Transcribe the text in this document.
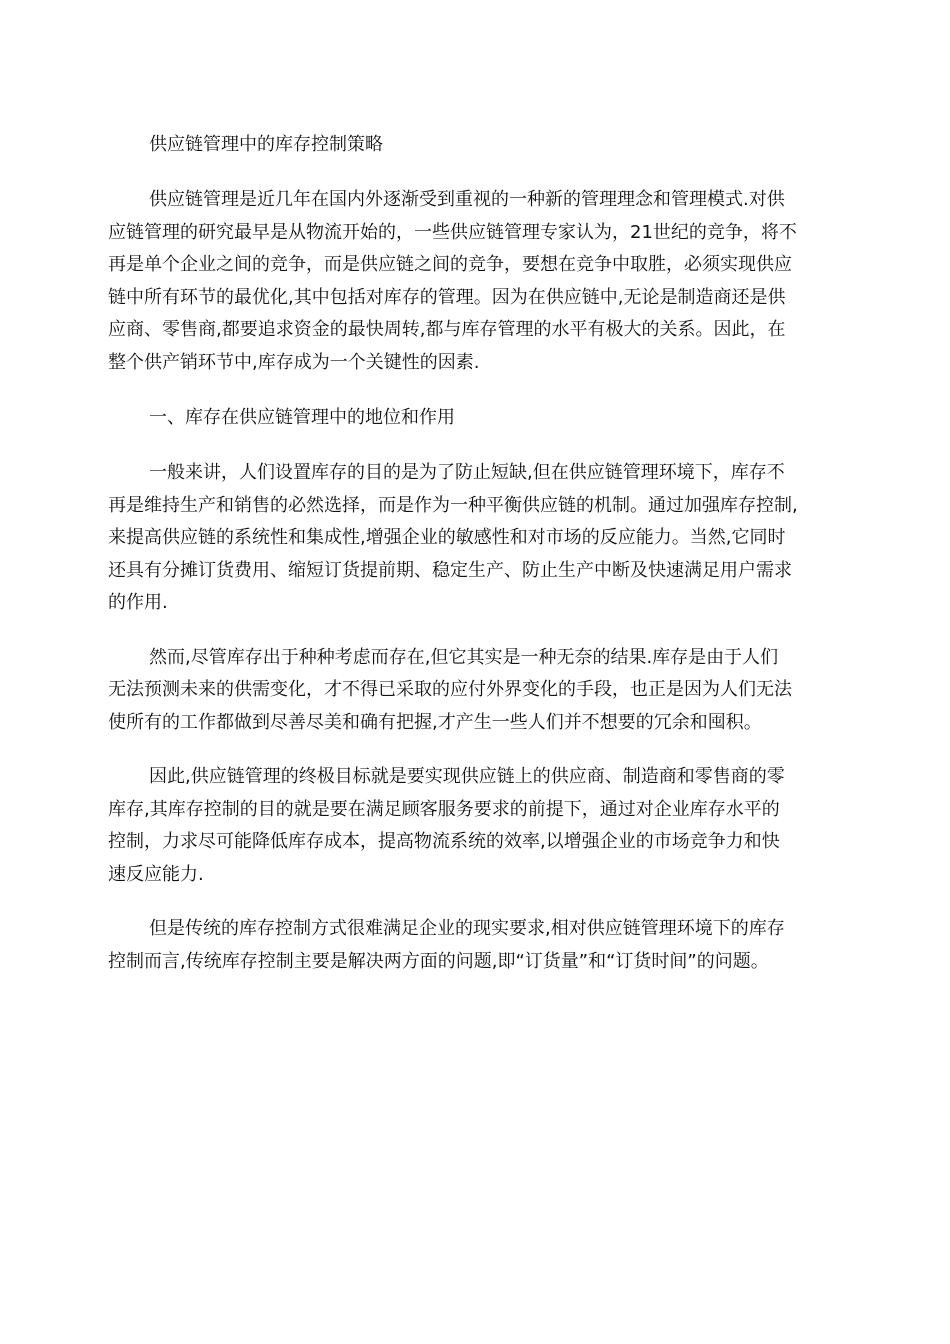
供应链管理中的库存控制策略
供应链管理是近几年在国内外逐渐受到重视的一种新的管理理念和管理模式.对供
应链管理的研究最早是从物流开始的，一些供应链管理专家认为，21世纪的竞争，将不
再是单个企业之间的竞争，而是供应链之间的竞争，要想在竞争中取胜，必须实现供应
链中所有环节的最优化,其中包括对库存的管理。因为在供应链中,无论是制造商还是供
应商、零售商,都要追求资金的最快周转,都与库存管理的水平有极大的关系。因此，在
整个供产销环节中,库存成为一个关键性的因素.
一、库存在供应链管理中的地位和作用
一般来讲，人们设置库存的目的是为了防止短缺,但在供应链管理环境下，库存不
再是维持生产和销售的必然选择，而是作为一种平衡供应链的机制。通过加强库存控制,
来提高供应链的系统性和集成性,增强企业的敏感性和对市场的反应能力。当然,它同时
还具有分摊订货费用、缩短订货提前期、稳定生产、防止生产中断及快速满足用户需求
的作用.
然而,尽管库存出于种种考虑而存在,但它其实是一种无奈的结果.库存是由于人们
无法预测未来的供需变化，才不得已采取的应付外界变化的手段，也正是因为人们无法
使所有的工作都做到尽善尽美和确有把握,才产生一些人们并不想要的冗余和囤积。
因此,供应链管理的终极目标就是要实现供应链上的供应商、制造商和零售商的零
库存,其库存控制的目的就是要在满足顾客服务要求的前提下，通过对企业库存水平的
控制，力求尽可能降低库存成本，提高物流系统的效率,以增强企业的市场竞争力和快
速反应能力.
但是传统的库存控制方式很难满足企业的现实要求,相对供应链管理环境下的库存
控制而言,传统库存控制主要是解决两方面的问题,即“订货量”和“订货时间”的问题。
